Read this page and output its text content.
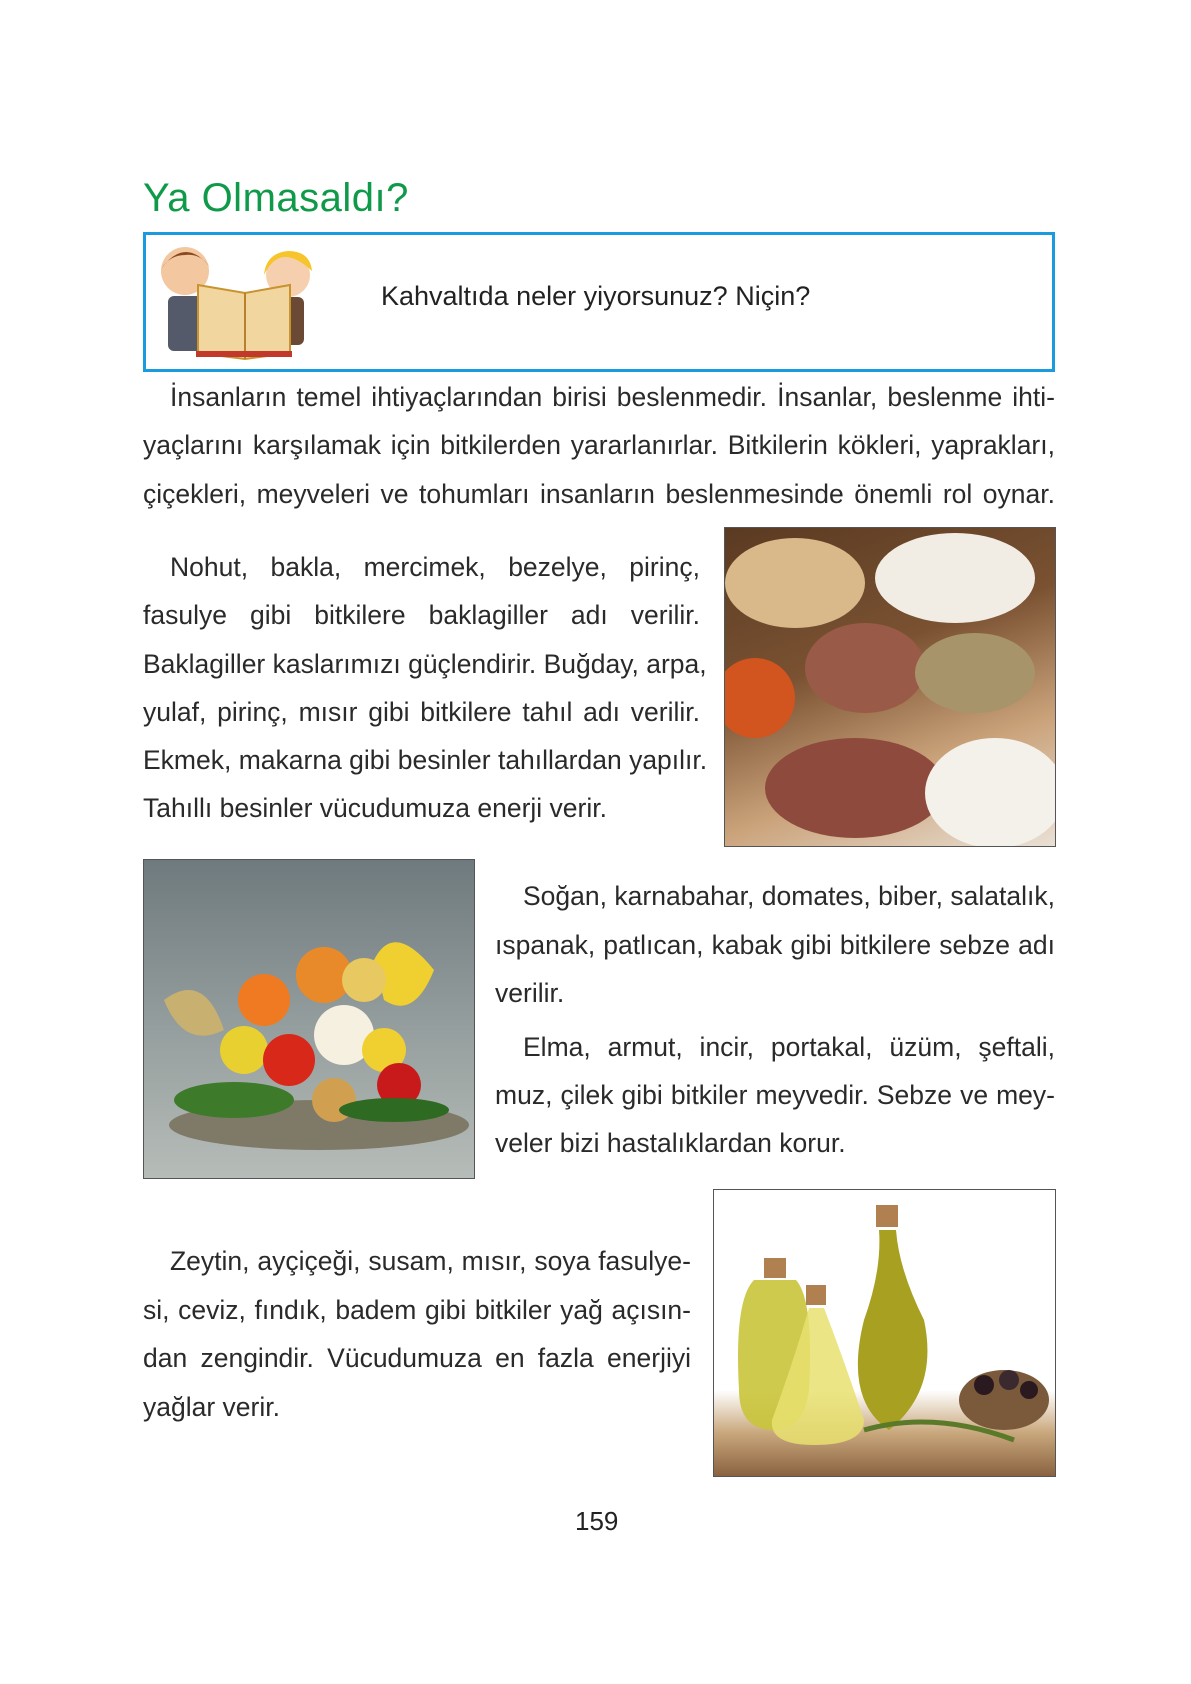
Ya Olmasaldı?
Kahvaltıda neler yiyorsunuz? Niçin?
İnsanların temel ihtiyaçlarından birisi beslenmedir. İnsanlar, beslenme ihti-
yaçlarını karşılamak için bitkilerden yararlanırlar. Bitkilerin kökleri, yaprakları,
çiçekleri, meyveleri ve tohumları insanların beslenmesinde önemli rol oynar.
Nohut, bakla, mercimek, bezelye, pirinç,
fasulye gibi bitkilere baklagiller adı verilir.
Baklagiller kaslarımızı güçlendirir. Buğday, arpa,
yulaf, pirinç, mısır gibi bitkilere tahıl adı verilir.
Ekmek, makarna gibi besinler tahıllardan yapılır.
Tahıllı besinler vücudumuza enerji verir.
Soğan, karnabahar, domates, biber, salatalık,
ıspanak, patlıcan, kabak gibi bitkilere sebze adı
verilir.
Elma, armut, incir, portakal, üzüm, şeftali,
muz, çilek gibi bitkiler meyvedir. Sebze ve mey-
veler bizi hastalıklardan korur.
Zeytin, ayçiçeği, susam, mısır, soya fasulye-
si, ceviz, fındık, badem gibi bitkiler yağ açısın-
dan zengindir. Vücudumuza en fazla enerjiyi
yağlar verir.
159
